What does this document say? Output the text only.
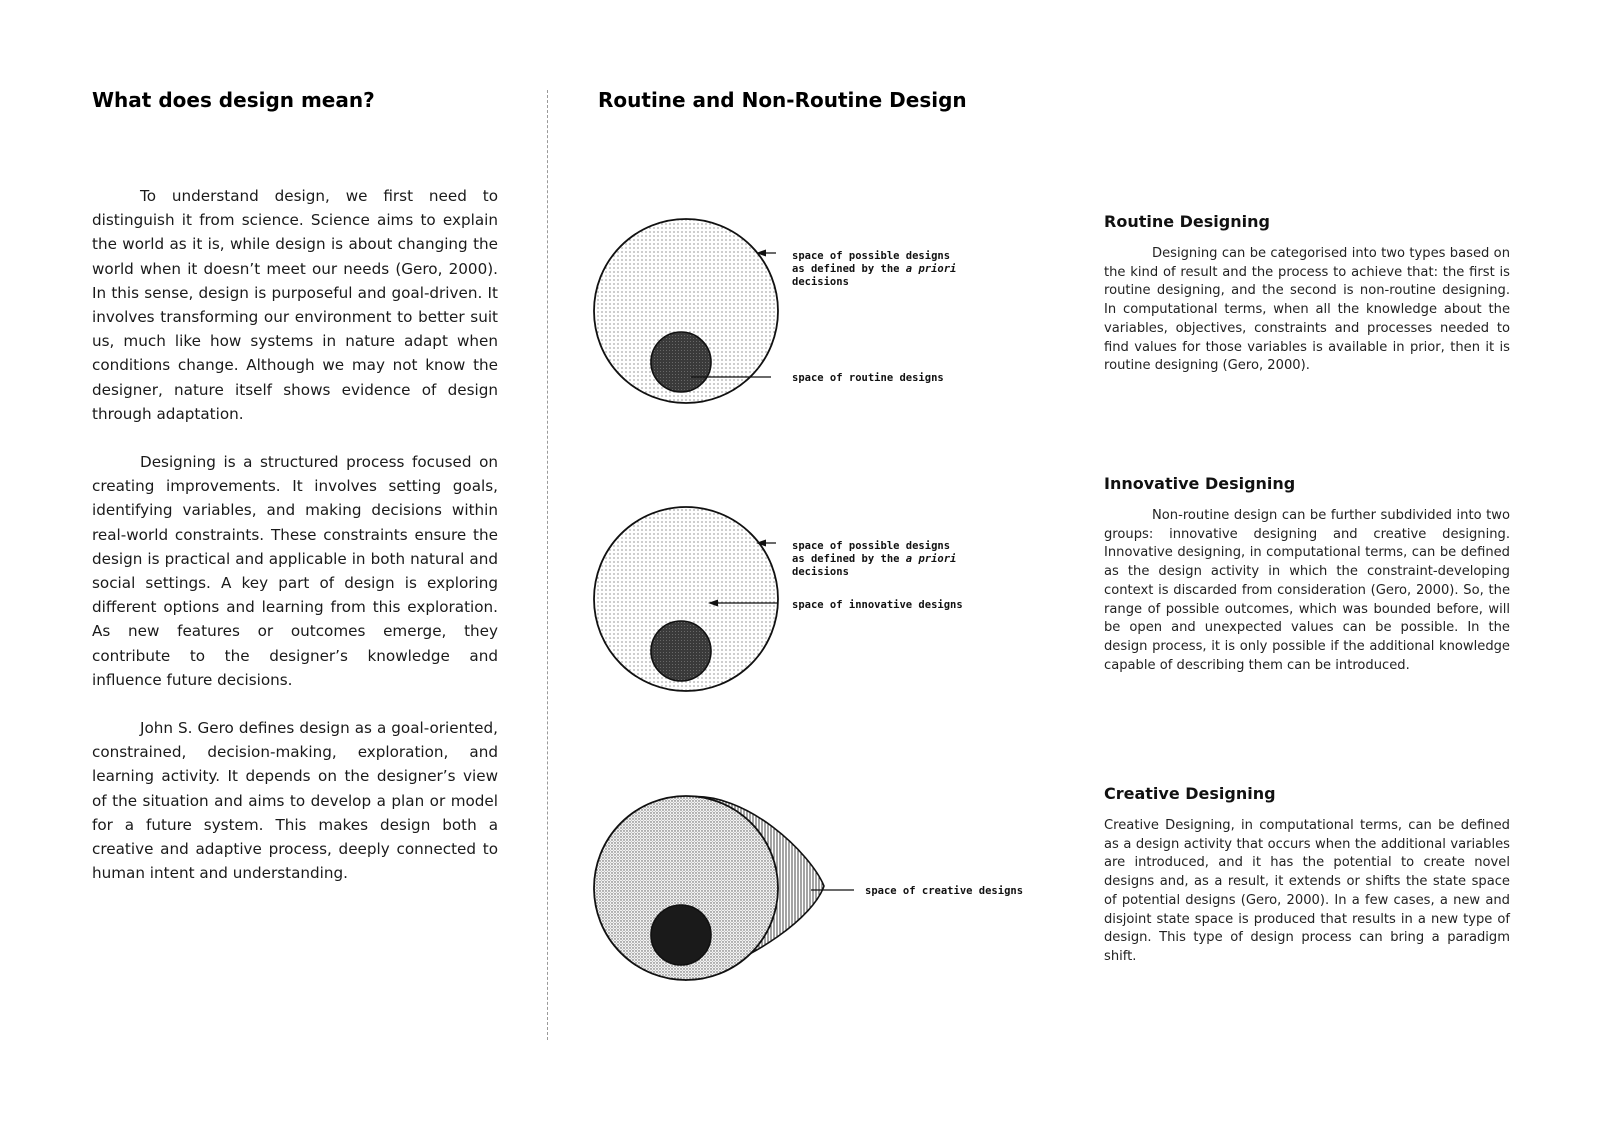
What does design mean?

To understand design, we first need to distinguish it from science. Science aims to explain the world as it is, while design is about changing the world when it doesn’t meet our needs (Gero, 2000). In this sense, design is purposeful and goal-driven. It involves transforming our environment to better suit us, much like how systems in nature adapt when conditions change. Although we may not know the designer, nature itself shows evidence of design through adaptation.

Designing is a structured process focused on creating improvements. It involves setting goals, identifying variables, and making decisions within real-world constraints. These constraints ensure the design is practical and applicable in both natural and social settings. A key part of design is exploring different options and learning from this exploration. As new features or outcomes emerge, they contribute to the designer’s knowledge and influence future decisions.

John S. Gero defines design as a goal-oriented, constrained, decision-making, exploration, and learning activity. It depends on the designer’s view of the situation and aims to develop a plan or model for a future system. This makes design both a creative and adaptive process, deeply connected to human intent and understanding.

Routine and Non-Routine Design
space of possible designs
as defined by the a priori
decisions
space of routine designs
space of possible designs
as defined by the a priori
decisions
space of innovative designs
space of creative designs
Routine Designing

Designing can be categorised into two types based on the kind of result and the process to achieve that: the first is routine designing, and the second is non-routine designing. In computational terms, when all the knowledge about the variables, objectives, constraints and processes needed to find values for those variables is available in prior, then it is routine designing (Gero, 2000).

Innovative Designing

Non-routine design can be further subdivided into two groups: innovative designing and creative designing. Innovative designing, in computational terms, can be defined as the design activity in which the constraint-developing context is discarded from consideration (Gero, 2000). So, the range of possible outcomes, which was bounded before, will be open and unexpected values can be possible. In the design process, it is only possible if the additional knowledge capable of describing them can be introduced.

Creative Designing

Creative Designing, in computational terms, can be defined as a design activity that occurs when the additional variables are introduced, and it has the potential to create novel designs and, as a result, it extends or shifts the state space of potential designs (Gero, 2000). In a few cases, a new and disjoint state space is produced that results in a new type of design. This type of design process can bring a paradigm shift.
